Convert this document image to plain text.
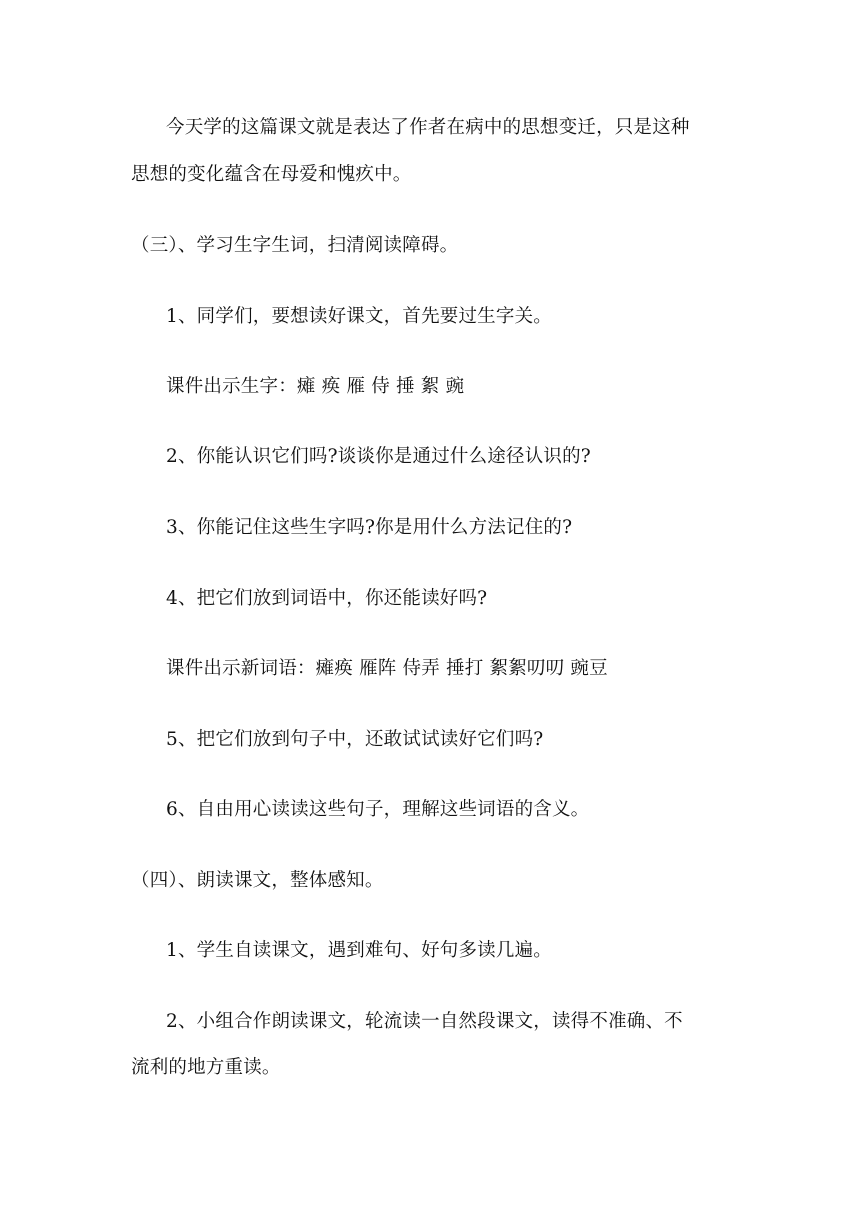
今天学的这篇课文就是表达了作者在病中的思想变迁，只是这种
思想的变化蕴含在母爱和愧疚中。
（三）、学习生字生词，扫清阅读障碍。
1、同学们，要想读好课文，首先要过生字关。
课件出示生字：瘫 痪 雁 侍 捶 絮 豌
2、你能认识它们吗?谈谈你是通过什么途径认识的?
3、你能记住这些生字吗?你是用什么方法记住的?
4、把它们放到词语中，你还能读好吗?
课件出示新词语：瘫痪 雁阵 侍弄 捶打 絮絮叨叨 豌豆
5、把它们放到句子中，还敢试试读好它们吗?
6、自由用心读读这些句子，理解这些词语的含义。
（四）、朗读课文，整体感知。
1、学生自读课文，遇到难句、好句多读几遍。
2、小组合作朗读课文，轮流读一自然段课文，读得不准确、不
流利的地方重读。
